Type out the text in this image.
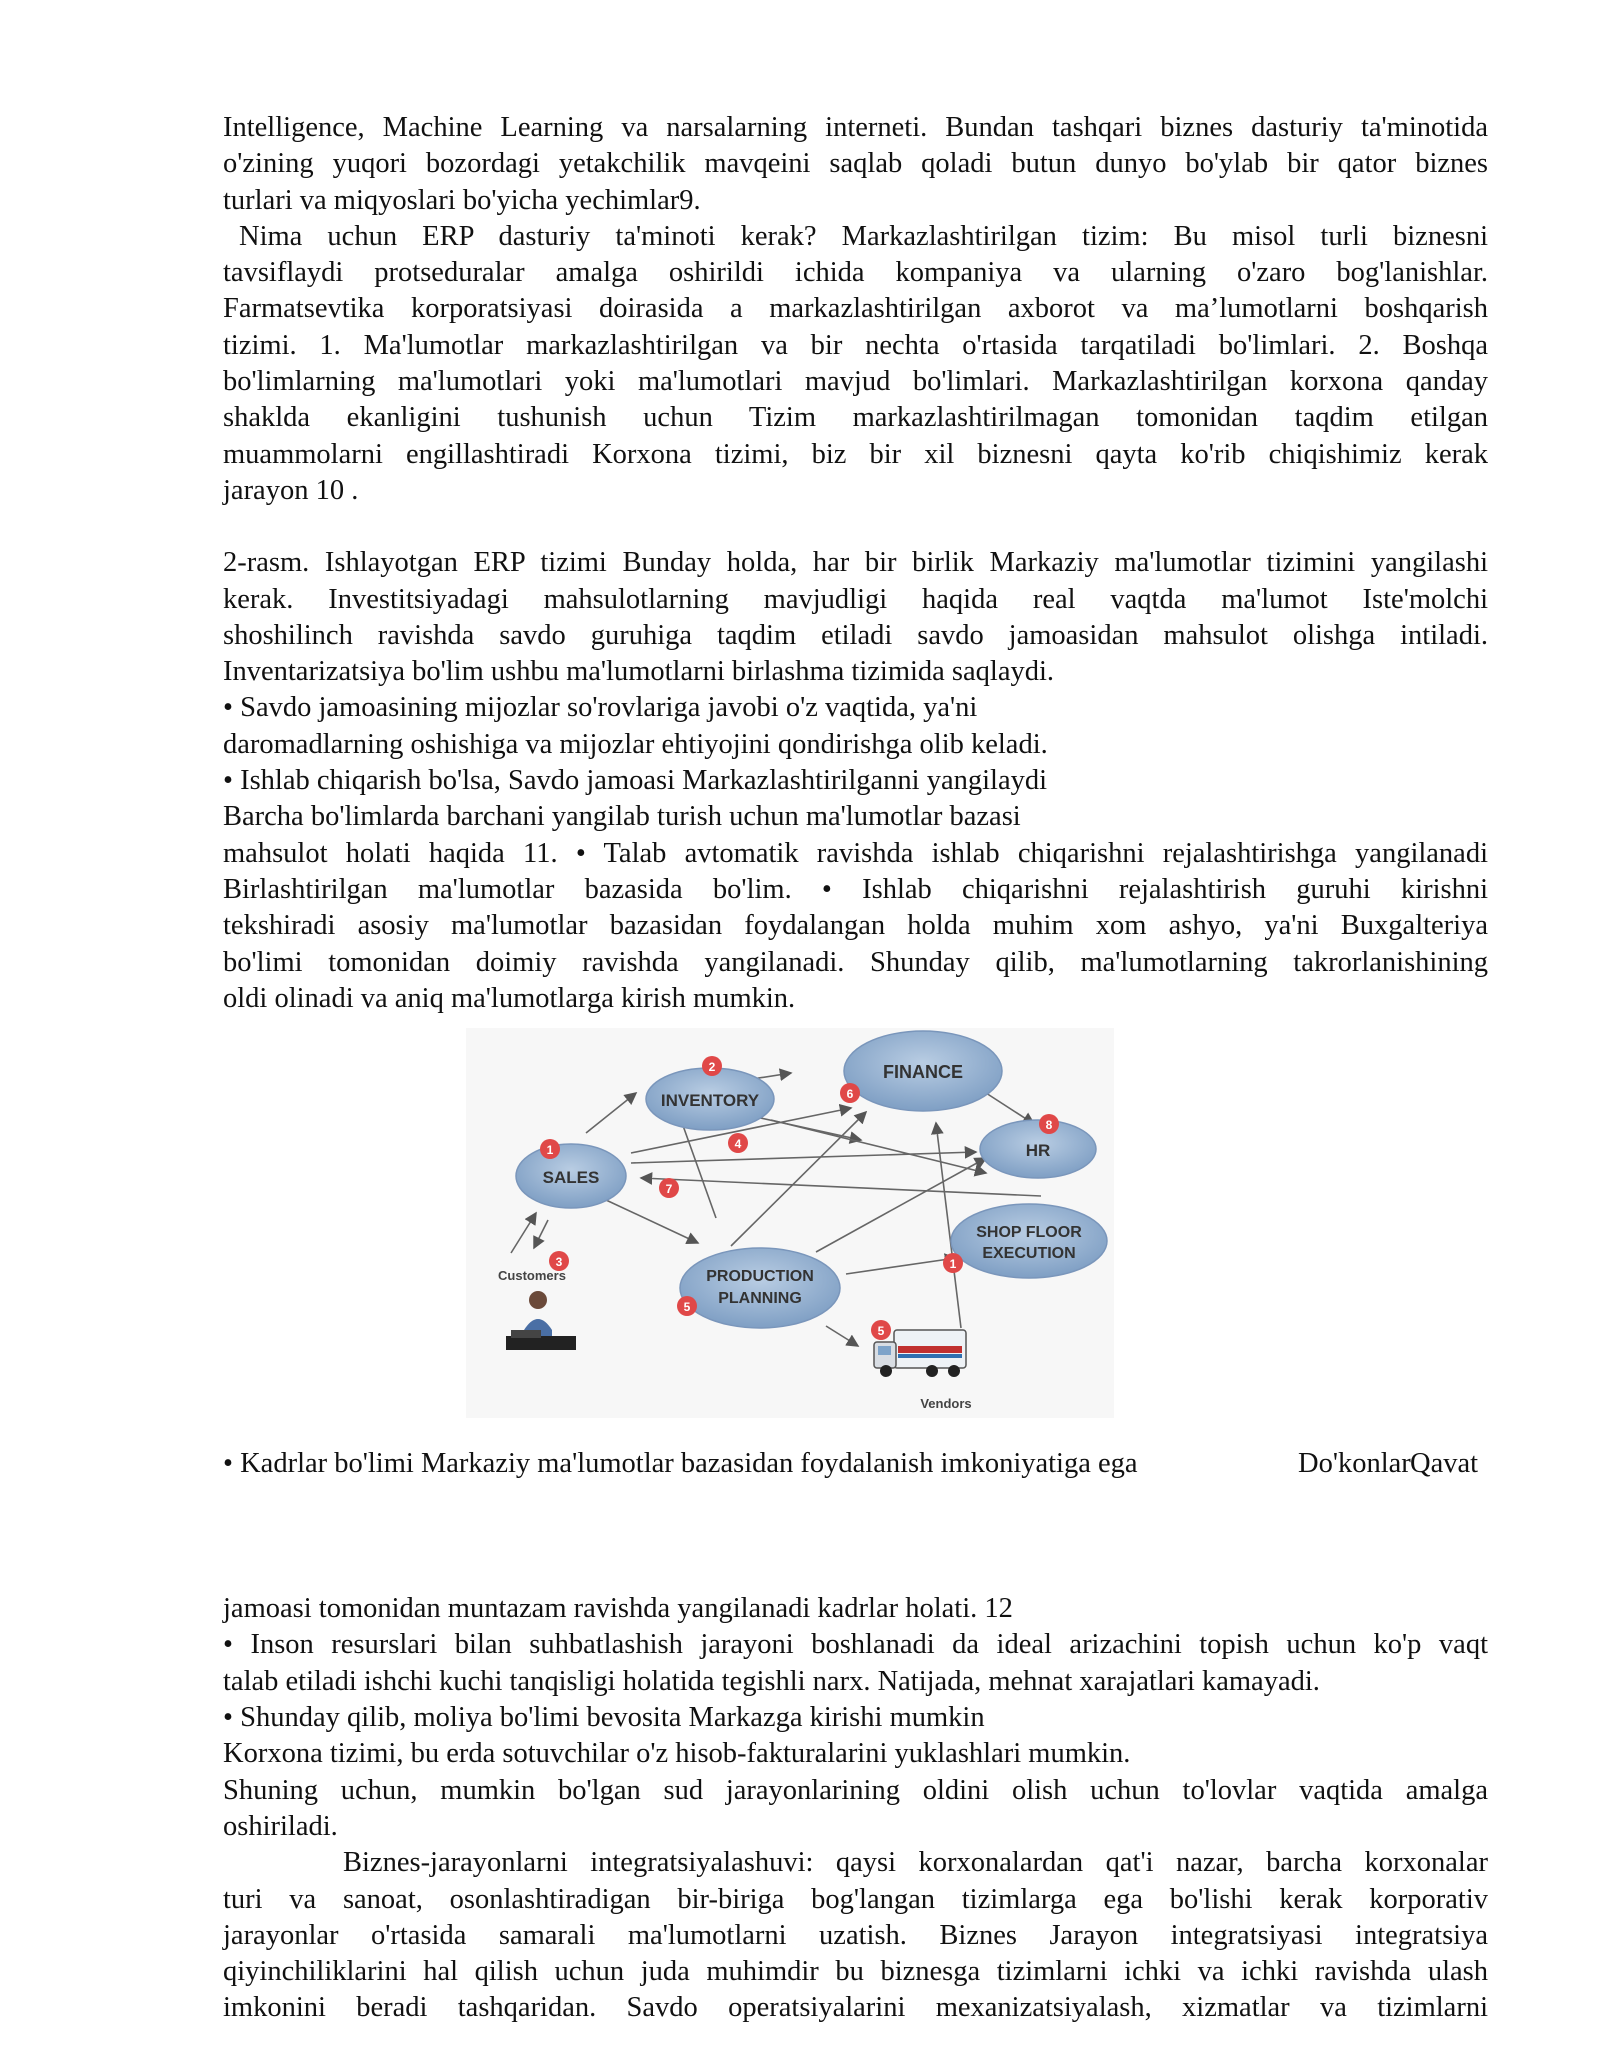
Intelligence, Machine Learning va narsalarning interneti. Bundan tashqari biznes dasturiy ta'minotida

o'zining yuqori bozordagi yetakchilik mavqeini saqlab qoladi butun dunyo bo'ylab bir qator biznes

turlari va miqyoslari bo'yicha yechimlar9.

Nima uchun ERP dasturiy ta'minoti kerak? Markazlashtirilgan tizim: Bu misol turli biznesni

tavsiflaydi protseduralar amalga oshirildi ichida kompaniya va ularning o'zaro bog'lanishlar.

Farmatsevtika korporatsiyasi doirasida a markazlashtirilgan axborot va ma’lumotlarni boshqarish

tizimi. 1. Ma'lumotlar markazlashtirilgan va bir nechta o'rtasida tarqatiladi bo'limlari. 2. Boshqa

bo'limlarning ma'lumotlari yoki ma'lumotlari mavjud bo'limlari. Markazlashtirilgan korxona qanday

shaklda ekanligini tushunish uchun Tizim markazlashtirilmagan tomonidan taqdim etilgan

muammolarni engillashtiradi Korxona tizimi, biz bir xil biznesni qayta ko'rib chiqishimiz kerak

jarayon 10 .

2-rasm. Ishlayotgan ERP tizimi Bunday holda, har bir birlik Markaziy ma'lumotlar tizimini yangilashi

kerak. Investitsiyadagi mahsulotlarning mavjudligi haqida real vaqtda ma'lumot Iste'molchi

shoshilinch ravishda savdo guruhiga taqdim etiladi savdo jamoasidan mahsulot olishga intiladi.

Inventarizatsiya bo'lim ushbu ma'lumotlarni birlashma tizimida saqlaydi.

• Savdo jamoasining mijozlar so'rovlariga javobi o'z vaqtida, ya'ni

daromadlarning oshishiga va mijozlar ehtiyojini qondirishga olib keladi.

• Ishlab chiqarish bo'lsa, Savdo jamoasi Markazlashtirilganni yangilaydi

Barcha bo'limlarda barchani yangilab turish uchun ma'lumotlar bazasi

mahsulot holati haqida 11. • Talab avtomatik ravishda ishlab chiqarishni rejalashtirishga yangilanadi

Birlashtirilgan ma'lumotlar bazasida bo'lim. • Ishlab chiqarishni rejalashtirish guruhi kirishni

tekshiradi asosiy ma'lumotlar bazasidan foydalangan holda muhim xom ashyo, ya'ni Buxgalteriya

bo'limi tomonidan doimiy ravishda yangilanadi. Shunday qilib, ma'lumotlarning takrorlanishining

oldi olinadi va aniq ma'lumotlarga kirish mumkin.

FINANCE
INVENTORY
HR
SALES
SHOP FLOOR
EXECUTION
PRODUCTION
PLANNING
2
6
4
1
7
8
3
5
5
1
Customers
Vendors
• Kadrlar bo'limi Markaziy ma'lumotlar bazasidan foydalanish imkoniyatiga ega

	Do'konlar

Qavat

jamoasi tomonidan muntazam ravishda yangilanadi kadrlar holati. 12

• Inson resurslari bilan suhbatlashish jarayoni boshlanadi da ideal arizachini topish uchun ko'p vaqt

talab etiladi ishchi kuchi tanqisligi holatida tegishli narx. Natijada, mehnat xarajatlari kamayadi.

• Shunday qilib, moliya bo'limi bevosita Markazga kirishi mumkin

Korxona tizimi, bu erda sotuvchilar o'z hisob-fakturalarini yuklashlari mumkin.

Shuning uchun, mumkin bo'lgan sud jarayonlarining oldini olish uchun to'lovlar vaqtida amalga

oshiriladi.

Biznes-jarayonlarni integratsiyalashuvi: qaysi korxonalardan qat'i nazar, barcha korxonalar

turi va sanoat, osonlashtiradigan bir-biriga bog'langan tizimlarga ega bo'lishi kerak korporativ

jarayonlar o'rtasida samarali ma'lumotlarni uzatish. Biznes Jarayon integratsiyasi integratsiya

qiyinchiliklarini hal qilish uchun juda muhimdir bu biznesga tizimlarni ichki va ichki ravishda ulash

imkonini beradi tashqaridan. Savdo operatsiyalarini mexanizatsiyalash, xizmatlar va tizimlarni
